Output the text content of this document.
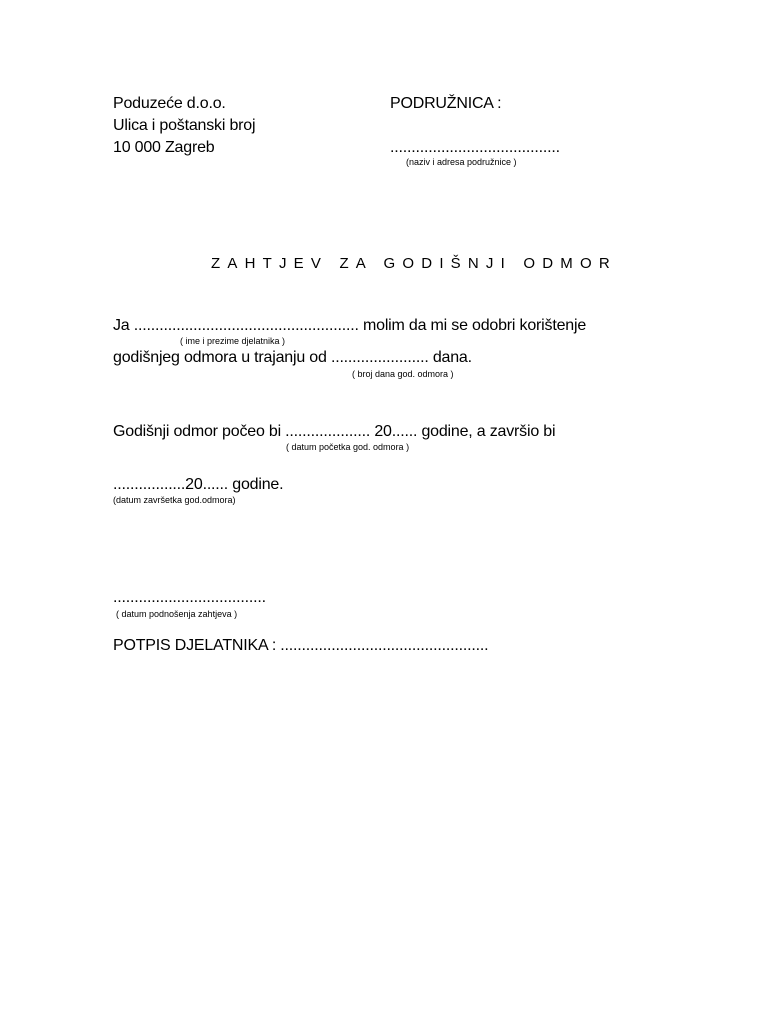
Poduzeće d.o.o.
Ulica i poštanski broj
10 000 Zagreb
PODRUŽNICA :
........................................
(naziv i adresa podružnice )
ZAHTJEV ZA GODIŠNJI ODMOR
Ja ..................................................... molim da mi se odobri korištenje
( ime i prezime djelatnika )
godišnjeg odmora u trajanju od ....................... dana.
( broj dana god. odmora )
Godišnji odmor počeo bi .................... 20...... godine, a završio bi
( datum početka god. odmora )
.................20...... godine.
(datum završetka god.odmora)
....................................
( datum podnošenja zahtjeva )
POTPIS DJELATNIKA : .................................................
